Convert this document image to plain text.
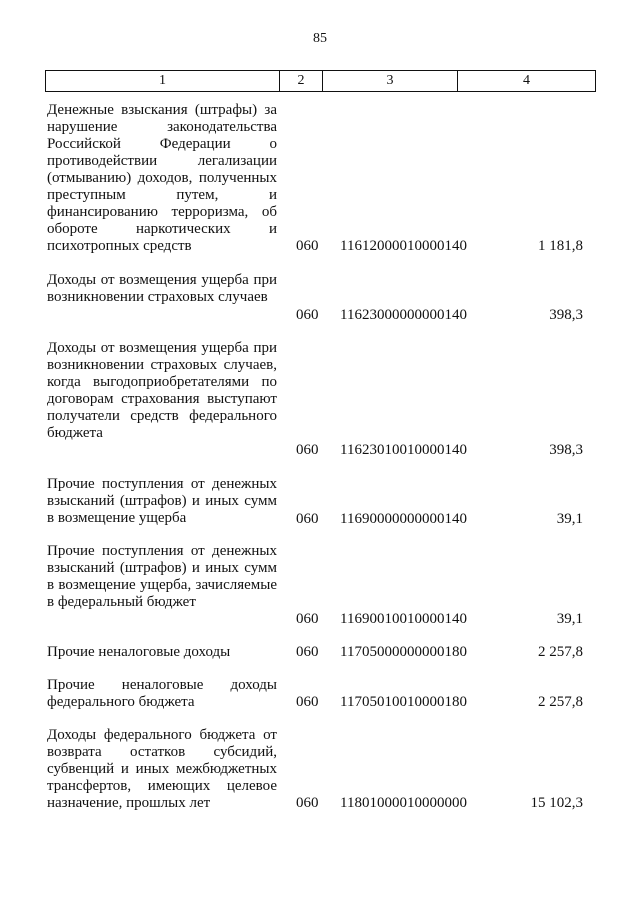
85
1	2	3	4
Денежные взыскания (штрафы) за нарушение законодательства Российской Федерации о противодействии легализации (отмыванию) доходов, полученных преступным путем, и финансированию терроризма, об обороте наркотических и психотропных средств	060 11612000010000140	1 181,8
Доходы от возмещения ущерба при возникновении страховых случаев
060 11623000000000140	398,3
Доходы от возмещения ущерба при возникновении страховых случаев, когда выгодоприобретателями по договорам страхования выступают получатели средств федерального бюджета
060 11623010010000140	398,3
Прочие поступления от денежных взысканий (штрафов) и иных сумм в возмещение ущерба	060 11690000000000140	39,1
Прочие поступления от денежных взысканий (штрафов) и иных сумм в возмещение ущерба, зачисляемые в федеральный бюджет
060 11690010010000140	39,1
Прочие неналоговые доходы	060 11705000000000180	2 257,8
Прочие неналоговые доходы федерального бюджета	060 11705010010000180	2 257,8
Доходы федерального бюджета от возврата остатков субсидий, субвенций и иных межбюджетных трансфертов, имеющих целевое назначение, прошлых лет	060 11801000010000000	15 102,3
